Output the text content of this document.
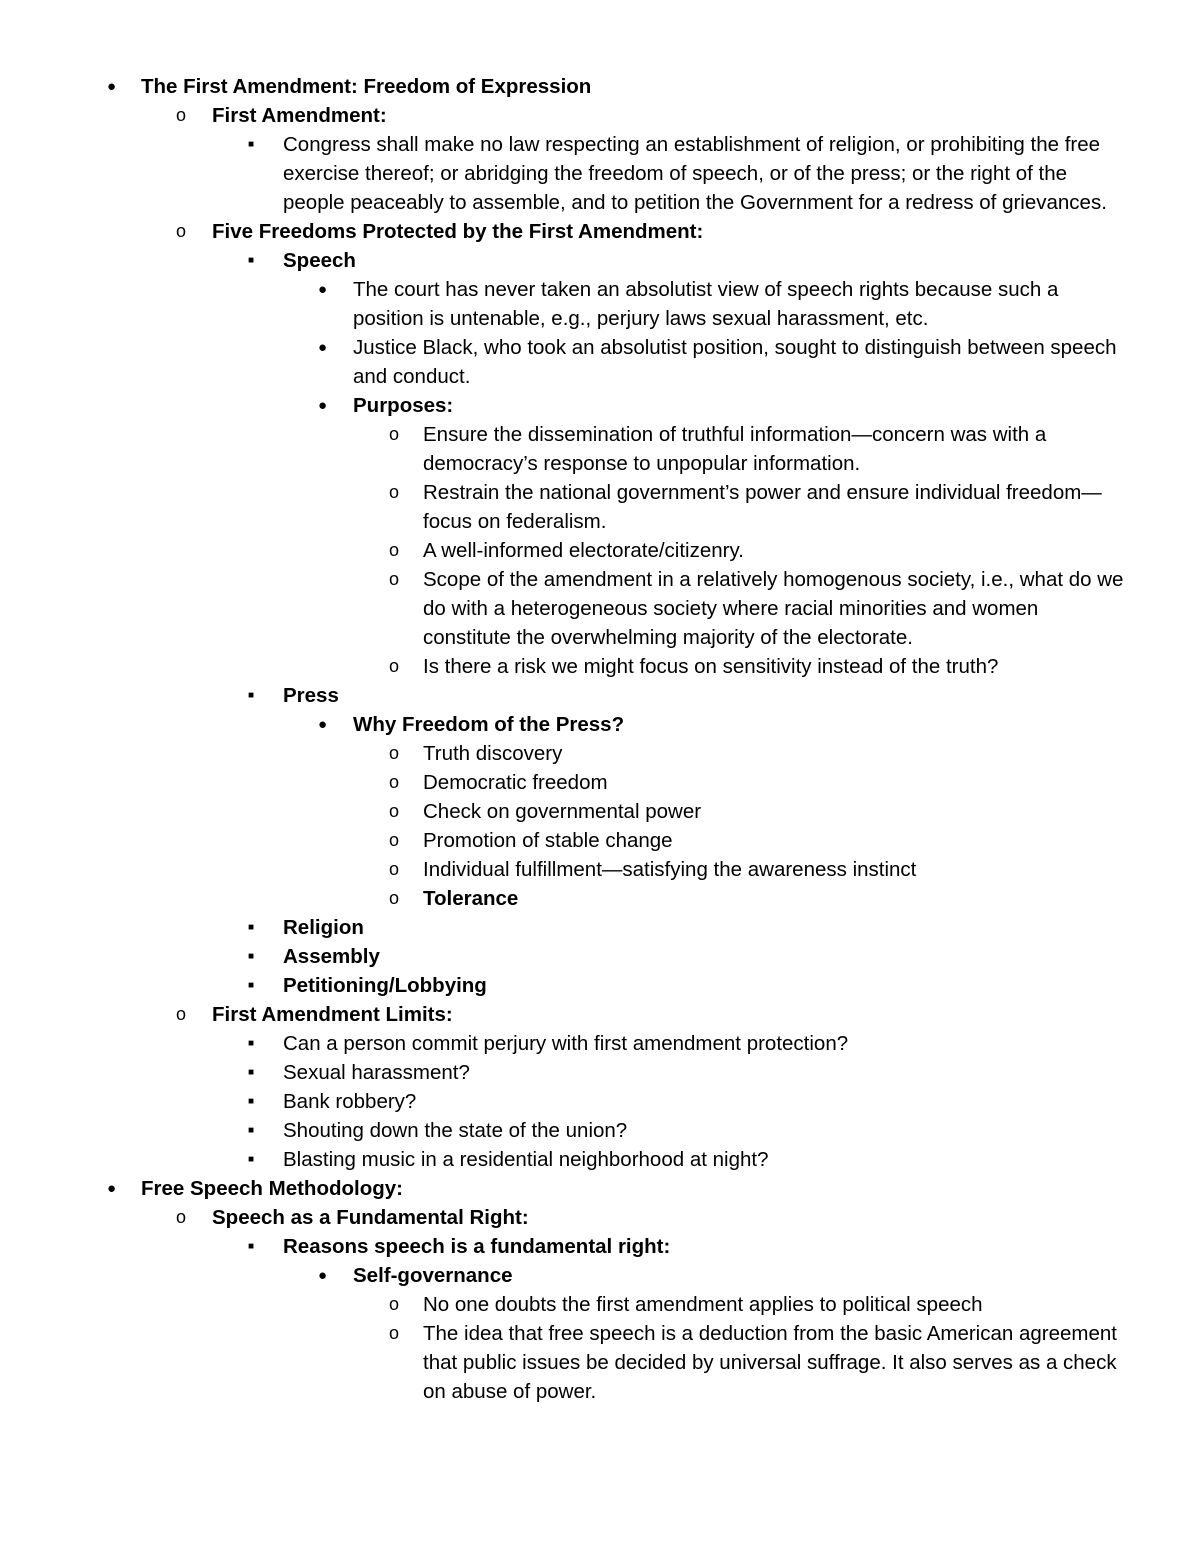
● The First Amendment: Freedom of Expression
o First Amendment:
■ Congress shall make no law respecting an establishment of religion, or prohibiting the free exercise thereof; or abridging the freedom of speech, or of the press; or the right of the people peaceably to assemble, and to petition the Government for a redress of grievances.
o Five Freedoms Protected by the First Amendment:
■ Speech
● The court has never taken an absolutist view of speech rights because such a position is untenable, e.g., perjury laws sexual harassment, etc.
● Justice Black, who took an absolutist position, sought to distinguish between speech and conduct.
● Purposes:
o Ensure the dissemination of truthful information—concern was with a democracy’s response to unpopular information.
o Restrain the national government’s power and ensure individual freedom—focus on federalism.
o A well-informed electorate/citizenry.
o Scope of the amendment in a relatively homogenous society, i.e., what do we do with a heterogeneous society where racial minorities and women constitute the overwhelming majority of the electorate.
o Is there a risk we might focus on sensitivity instead of the truth?
■ Press
● Why Freedom of the Press?
o Truth discovery
o Democratic freedom
o Check on governmental power
o Promotion of stable change
o Individual fulfillment—satisfying the awareness instinct
o Tolerance
■ Religion
■ Assembly
■ Petitioning/Lobbying
o First Amendment Limits:
■ Can a person commit perjury with first amendment protection?
■ Sexual harassment?
■ Bank robbery?
■ Shouting down the state of the union?
■ Blasting music in a residential neighborhood at night?
● Free Speech Methodology:
o Speech as a Fundamental Right:
■ Reasons speech is a fundamental right:
● Self-governance
o No one doubts the first amendment applies to political speech
o The idea that free speech is a deduction from the basic American agreement that public issues be decided by universal suffrage. It also serves as a check on abuse of power.
